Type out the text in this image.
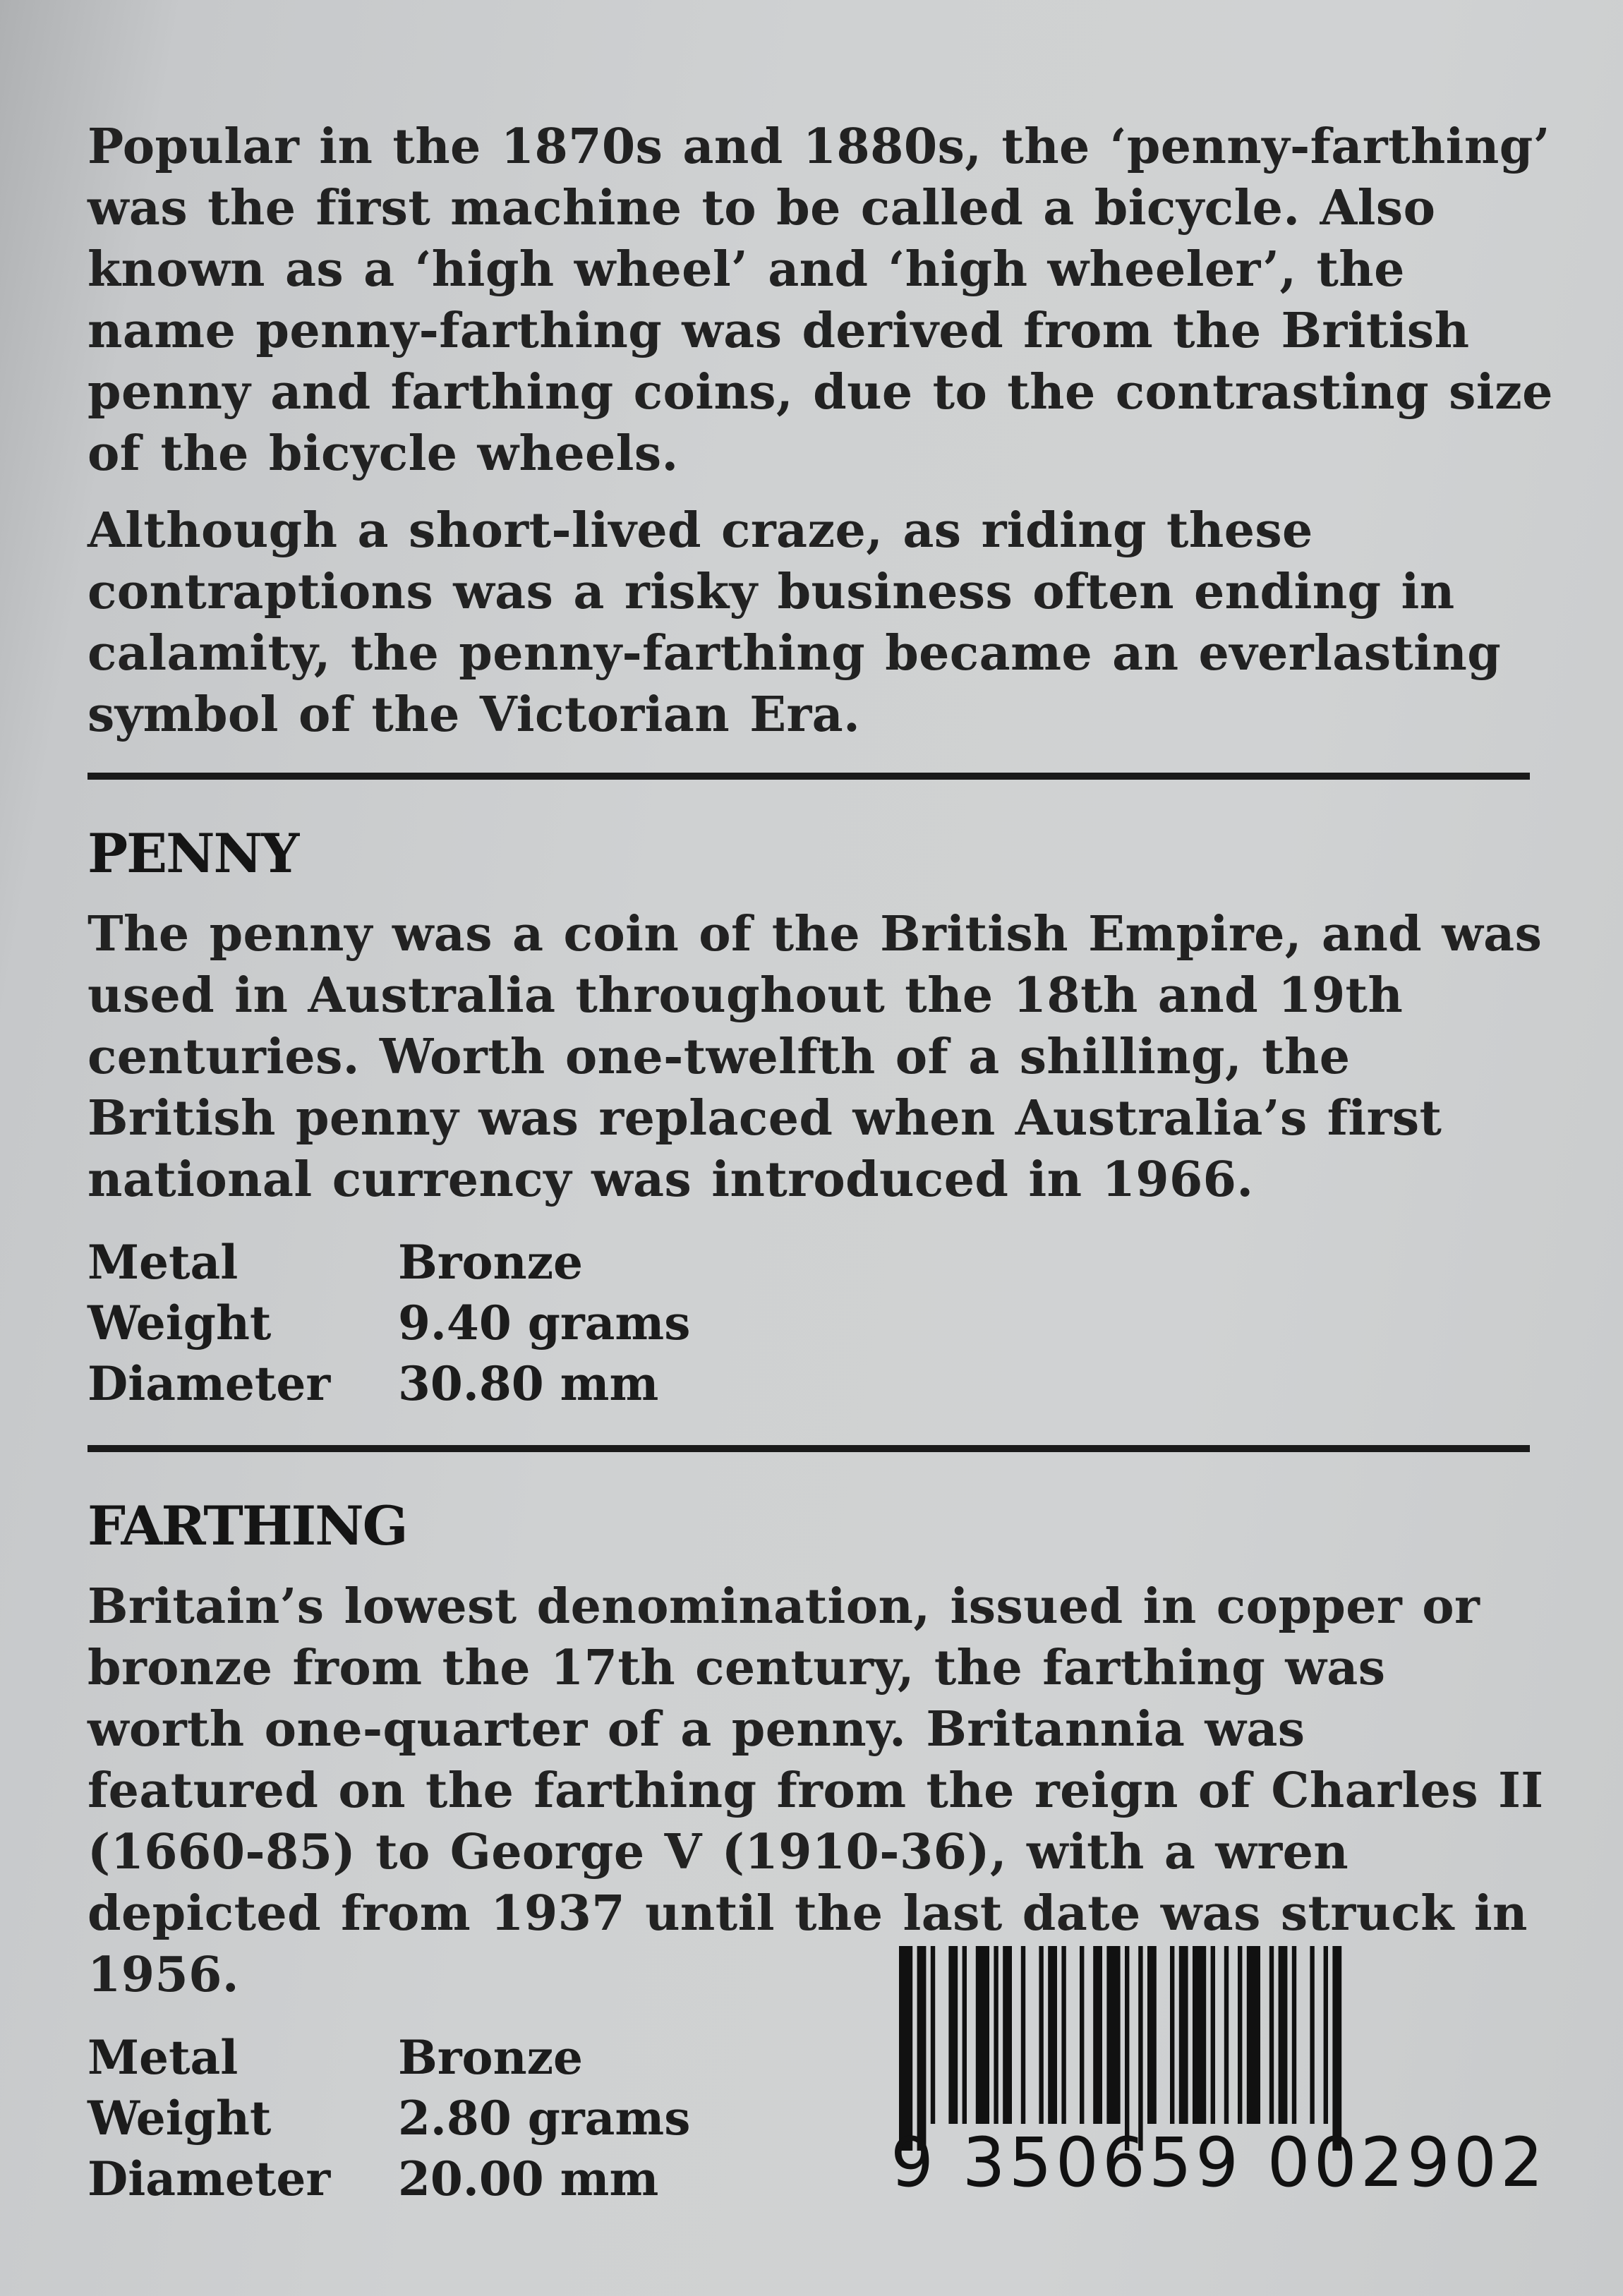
Popular in the 1870s and 1880s, the ‘penny-farthing’ was the first machine to be called a bicycle. Also known as a ‘high wheel’ and ‘high wheeler’, the name penny-farthing was derived from the British penny and farthing coins, due to the contrasting size of the bicycle wheels.

Although a short-lived craze, as riding these contraptions was a risky business often ending in calamity, the penny-farthing became an everlasting symbol of the Victorian Era.

PENNY

The penny was a coin of the British Empire, and was used in Australia throughout the 18th and 19th centuries. Worth one-twelfth of a shilling, the British penny was replaced when Australia’s first national currency was introduced in 1966.

Metal	Bronze
Weight	9.40 grams
Diameter	30.80 mm
FARTHING

Britain’s lowest denomination, issued in copper or bronze from the 17th century, the farthing was worth one-quarter of a penny. Britannia was featured on the farthing from the reign of Charles II (1660-85) to George V (1910-36), with a wren depicted from 1937 until the last date was struck in 1956.

Metal	Bronze
Weight	2.80 grams
Diameter	20.00 mm	9 350659 002902
